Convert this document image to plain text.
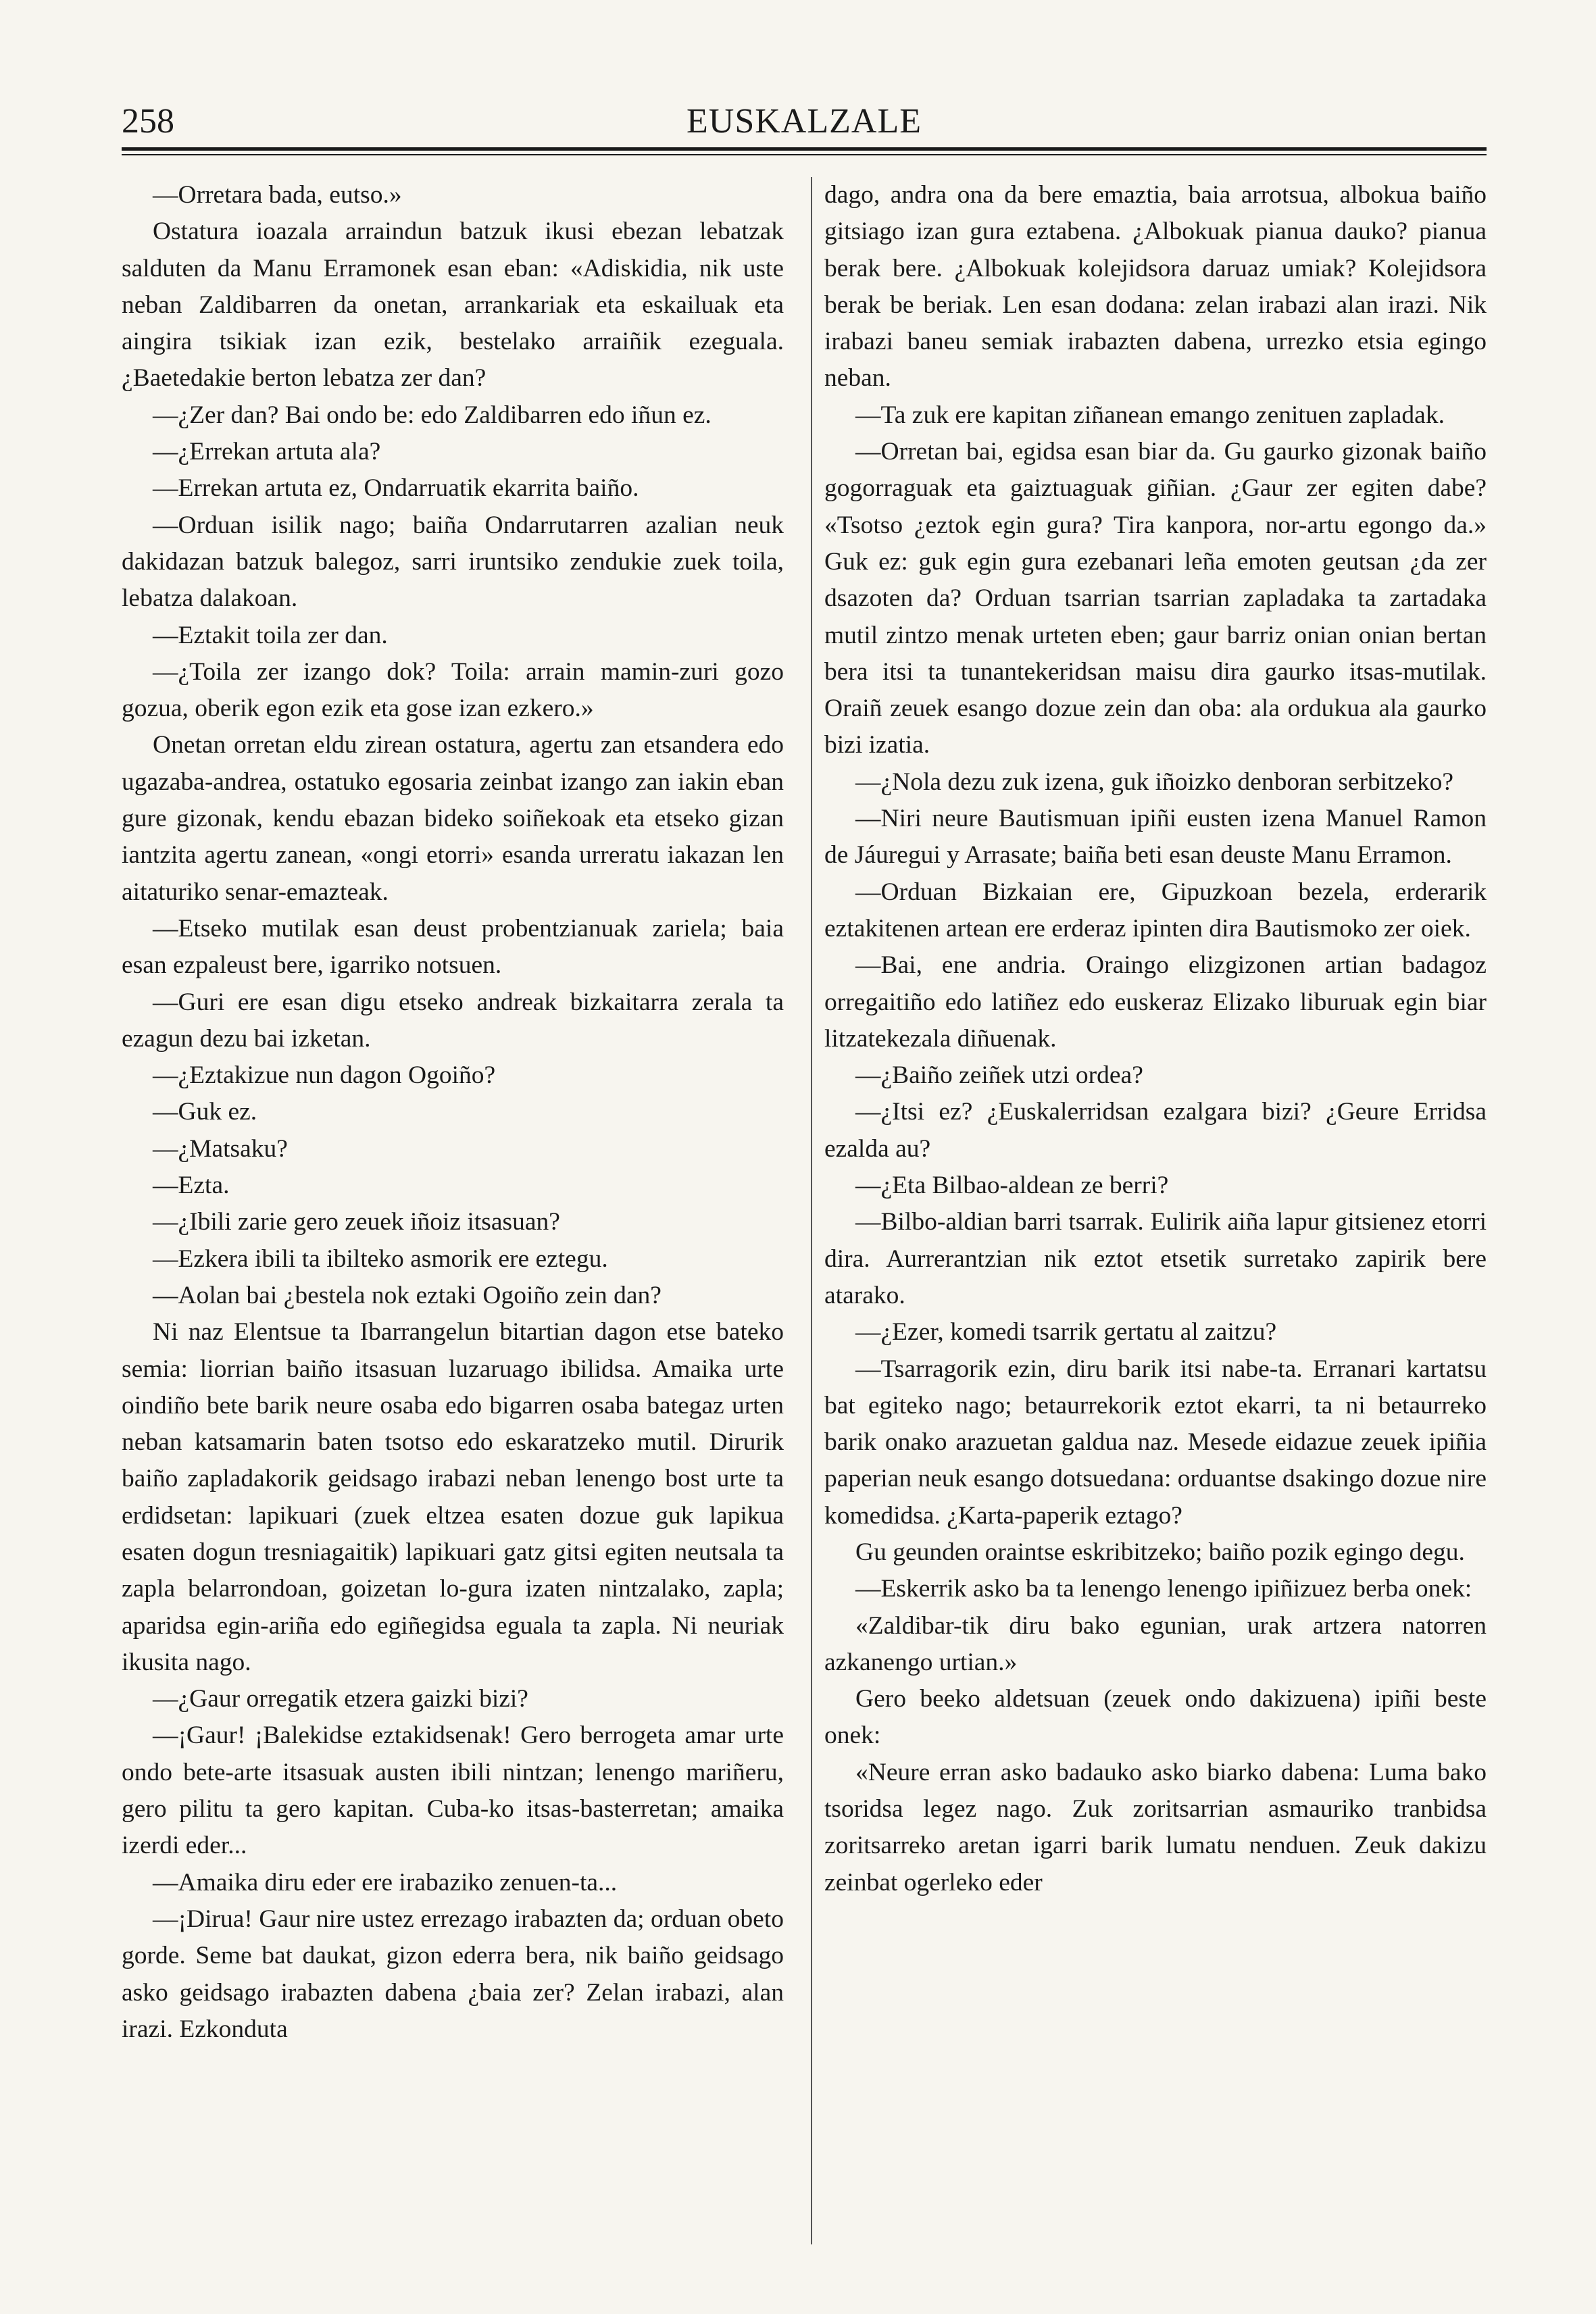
258	EUSKALZALE

—Orretara bada, eutso.»

Ostatura ioazala arraindun batzuk ikusi ebezan lebatzak salduten da Manu Erramonek esan eban: «Adiskidia, nik uste neban Zaldibarren da onetan, arrankariak eta eskailuak eta aingira tsikiak izan ezik, bestelako arraiñik ezeguala. ¿Baetedakie berton lebatza zer dan?

—¿Zer dan? Bai ondo be: edo Zaldibarren edo iñun ez.

—¿Errekan artuta ala?

—Errekan artuta ez, Ondarruatik ekarrita baiño.

—Orduan isilik nago; baiña Ondarrutarren azalian neuk dakidazan batzuk balegoz, sarri iruntsiko zendukie zuek toila, lebatza dalakoan.

—Eztakit toila zer dan.

—¿Toila zer izango dok? Toila: arrain mamin-zuri gozo gozua, oberik egon ezik eta gose izan ezkero.»

Onetan orretan eldu zirean ostatura, agertu zan etsandera edo ugazaba-andrea, ostatuko egosaria zeinbat izango zan iakin eban gure gizonak, kendu ebazan bideko soiñekoak eta etseko gizan iantzita agertu zanean, «ongi etorri» esanda urreratu iakazan len aitaturiko senar-emazteak.

—Etseko mutilak esan deust probentzianuak zariela; baia esan ezpaleust bere, igarriko notsuen.

—Guri ere esan digu etseko andreak bizkaitarra zerala ta ezagun dezu bai izketan.

—¿Eztakizue nun dagon Ogoiño?

—Guk ez.

—¿Matsaku?

—Ezta.

—¿Ibili zarie gero zeuek iñoiz itsasuan?

—Ezkera ibili ta ibilteko asmorik ere eztegu.

—Aolan bai ¿bestela nok eztaki Ogoiño zein dan?

Ni naz Elentsue ta Ibarrangelun bitartian dagon etse bateko semia: liorrian baiño itsasuan luzaruago ibilidsa. Amaika urte oindiño bete barik neure osaba edo bigarren osaba bategaz urten neban katsamarin baten tsotso edo eskaratzeko mutil. Dirurik baiño zapladakorik geidsago irabazi neban lenengo bost urte ta erdidsetan: lapikuari (zuek eltzea esaten dozue guk lapikua esaten dogun tresniagaitik) lapikuari gatz gitsi egiten neutsala ta zapla belarrondoan, goizetan lo-gura izaten nintzalako, zapla; aparidsa egin-ariña edo egiñegidsa eguala ta zapla. Ni neuriak ikusita nago.

—¿Gaur orregatik etzera gaizki bizi?

—¡Gaur! ¡Balekidse eztakidsenak! Gero berrogeta amar urte ondo bete-arte itsasuak austen ibili nintzan; lenengo mariñeru, gero pilitu ta gero kapitan. Cuba-ko itsas-basterretan; amaika izerdi eder...

—Amaika diru eder ere irabaziko zenuen-ta...

—¡Dirua! Gaur nire ustez errezago irabazten da; orduan obeto gorde. Seme bat daukat, gizon ederra bera, nik baiño geidsago asko geidsago irabazten dabena ¿baia zer? Zelan irabazi, alan irazi. Ezkonduta

dago, andra ona da bere emaztia, baia arrotsua, albokua baiño gitsiago izan gura eztabena. ¿Albokuak pianua dauko? pianua berak bere. ¿Albokuak kolejidsora daruaz umiak? Kolejidsora berak be beriak. Len esan dodana: zelan irabazi alan irazi. Nik irabazi baneu semiak irabazten dabena, urrezko etsia egingo neban.

—Ta zuk ere kapitan ziñanean emango zenituen zapladak.

—Orretan bai, egidsa esan biar da. Gu gaurko gizonak baiño gogorraguak eta gaiztuaguak giñian. ¿Gaur zer egiten dabe? «Tsotso ¿eztok egin gura? Tira kanpora, nor-artu egongo da.» Guk ez: guk egin gura ezebanari leña emoten geutsan ¿da zer dsazoten da? Orduan tsarrian tsarrian zapladaka ta zartadaka mutil zintzo menak urteten eben; gaur barriz onian onian bertan bera itsi ta tunantekeridsan maisu dira gaurko itsas-mutilak. Oraiñ zeuek esango dozue zein dan oba: ala ordukua ala gaurko bizi izatia.

—¿Nola dezu zuk izena, guk iñoizko denboran serbitzeko?

—Niri neure Bautismuan ipiñi eusten izena Manuel Ramon de Jáuregui y Arrasate; baiña beti esan deuste Manu Erramon.

—Orduan Bizkaian ere, Gipuzkoan bezela, erderarik eztakitenen artean ere erderaz ipinten dira Bautismoko zer oiek.

—Bai, ene andria. Oraingo elizgizonen artian badagoz orregaitiño edo latiñez edo euskeraz Elizako liburuak egin biar litzatekezala diñuenak.

—¿Baiño zeiñek utzi ordea?

—¿Itsi ez? ¿Euskalerridsan ezalgara bizi? ¿Geure Erridsa ezalda au?

—¿Eta Bilbao-aldean ze berri?

—Bilbo-aldian barri tsarrak. Eulirik aiña lapur gitsienez etorri dira. Aurrerantzian nik eztot etsetik surretako zapirik bere atarako.

—¿Ezer, komedi tsarrik gertatu al zaitzu?

—Tsarragorik ezin, diru barik itsi nabe-ta. Erranari kartatsu bat egiteko nago; betaurrekorik eztot ekarri, ta ni betaurreko barik onako arazuetan galdua naz. Mesede eidazue zeuek ipiñia paperian neuk esango dotsuedana: orduantse dsakingo dozue nire komedidsa. ¿Karta-paperik eztago?

Gu geunden oraintse eskribitzeko; baiño pozik egingo degu.

—Eskerrik asko ba ta lenengo lenengo ipiñizuez berba onek:

«Zaldibar-tik diru bako egunian, urak artzera natorren azkanengo urtian.»

Gero beeko aldetsuan (zeuek ondo dakizuena) ipiñi beste onek:

«Neure erran asko badauko asko biarko dabena: Luma bako tsoridsa legez nago. Zuk zoritsarrian asmauriko tranbidsa zoritsarreko aretan igarri barik lumatu nenduen. Zeuk dakizu zeinbat ogerleko eder
